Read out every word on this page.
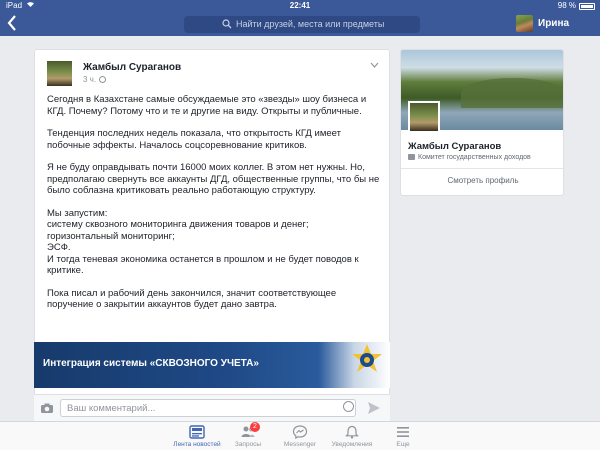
iPad	22:41	98 %
Найти друзей, места или предметы	Ирина
Жамбыл Сураганов
3 ч.

Сегодня в Казахстане самые обсуждаемые это «звезды» шоу бизнеса и КГД. Почему? Потому что и те и другие на виду. Открыты и публичные.

Тенденция последних недель показала, что открытость КГД имеет побочные эффекты. Началось соцсоревнование критиков.

Я не буду оправдывать почти 16000 моих коллег. В этом нет нужны. Но, предполагаю свернуть все аккаунты ДГД, общественные группы, что бы не было соблазна критиковать реально работающую структуру.

Мы запустим:
систему сквозного мониторинга движения товаров и денег;
горизонтальный мониторинг;
ЭСФ.
И тогда теневая экономика останется в прошлом и не будет поводов к критике.

Пока писал и рабочий день закончился, значит соответствующее поручение о закрытии аккаунтов будет дано завтра.

Интеграция системы «СКВОЗНОГО УЧЕТА»
Ваш комментарий...
Жамбыл Сураганов
Комитет государственных доходов
Смотреть профиль
Лента новостей
2
Запросы	Messenger	Уведомления	Еще
